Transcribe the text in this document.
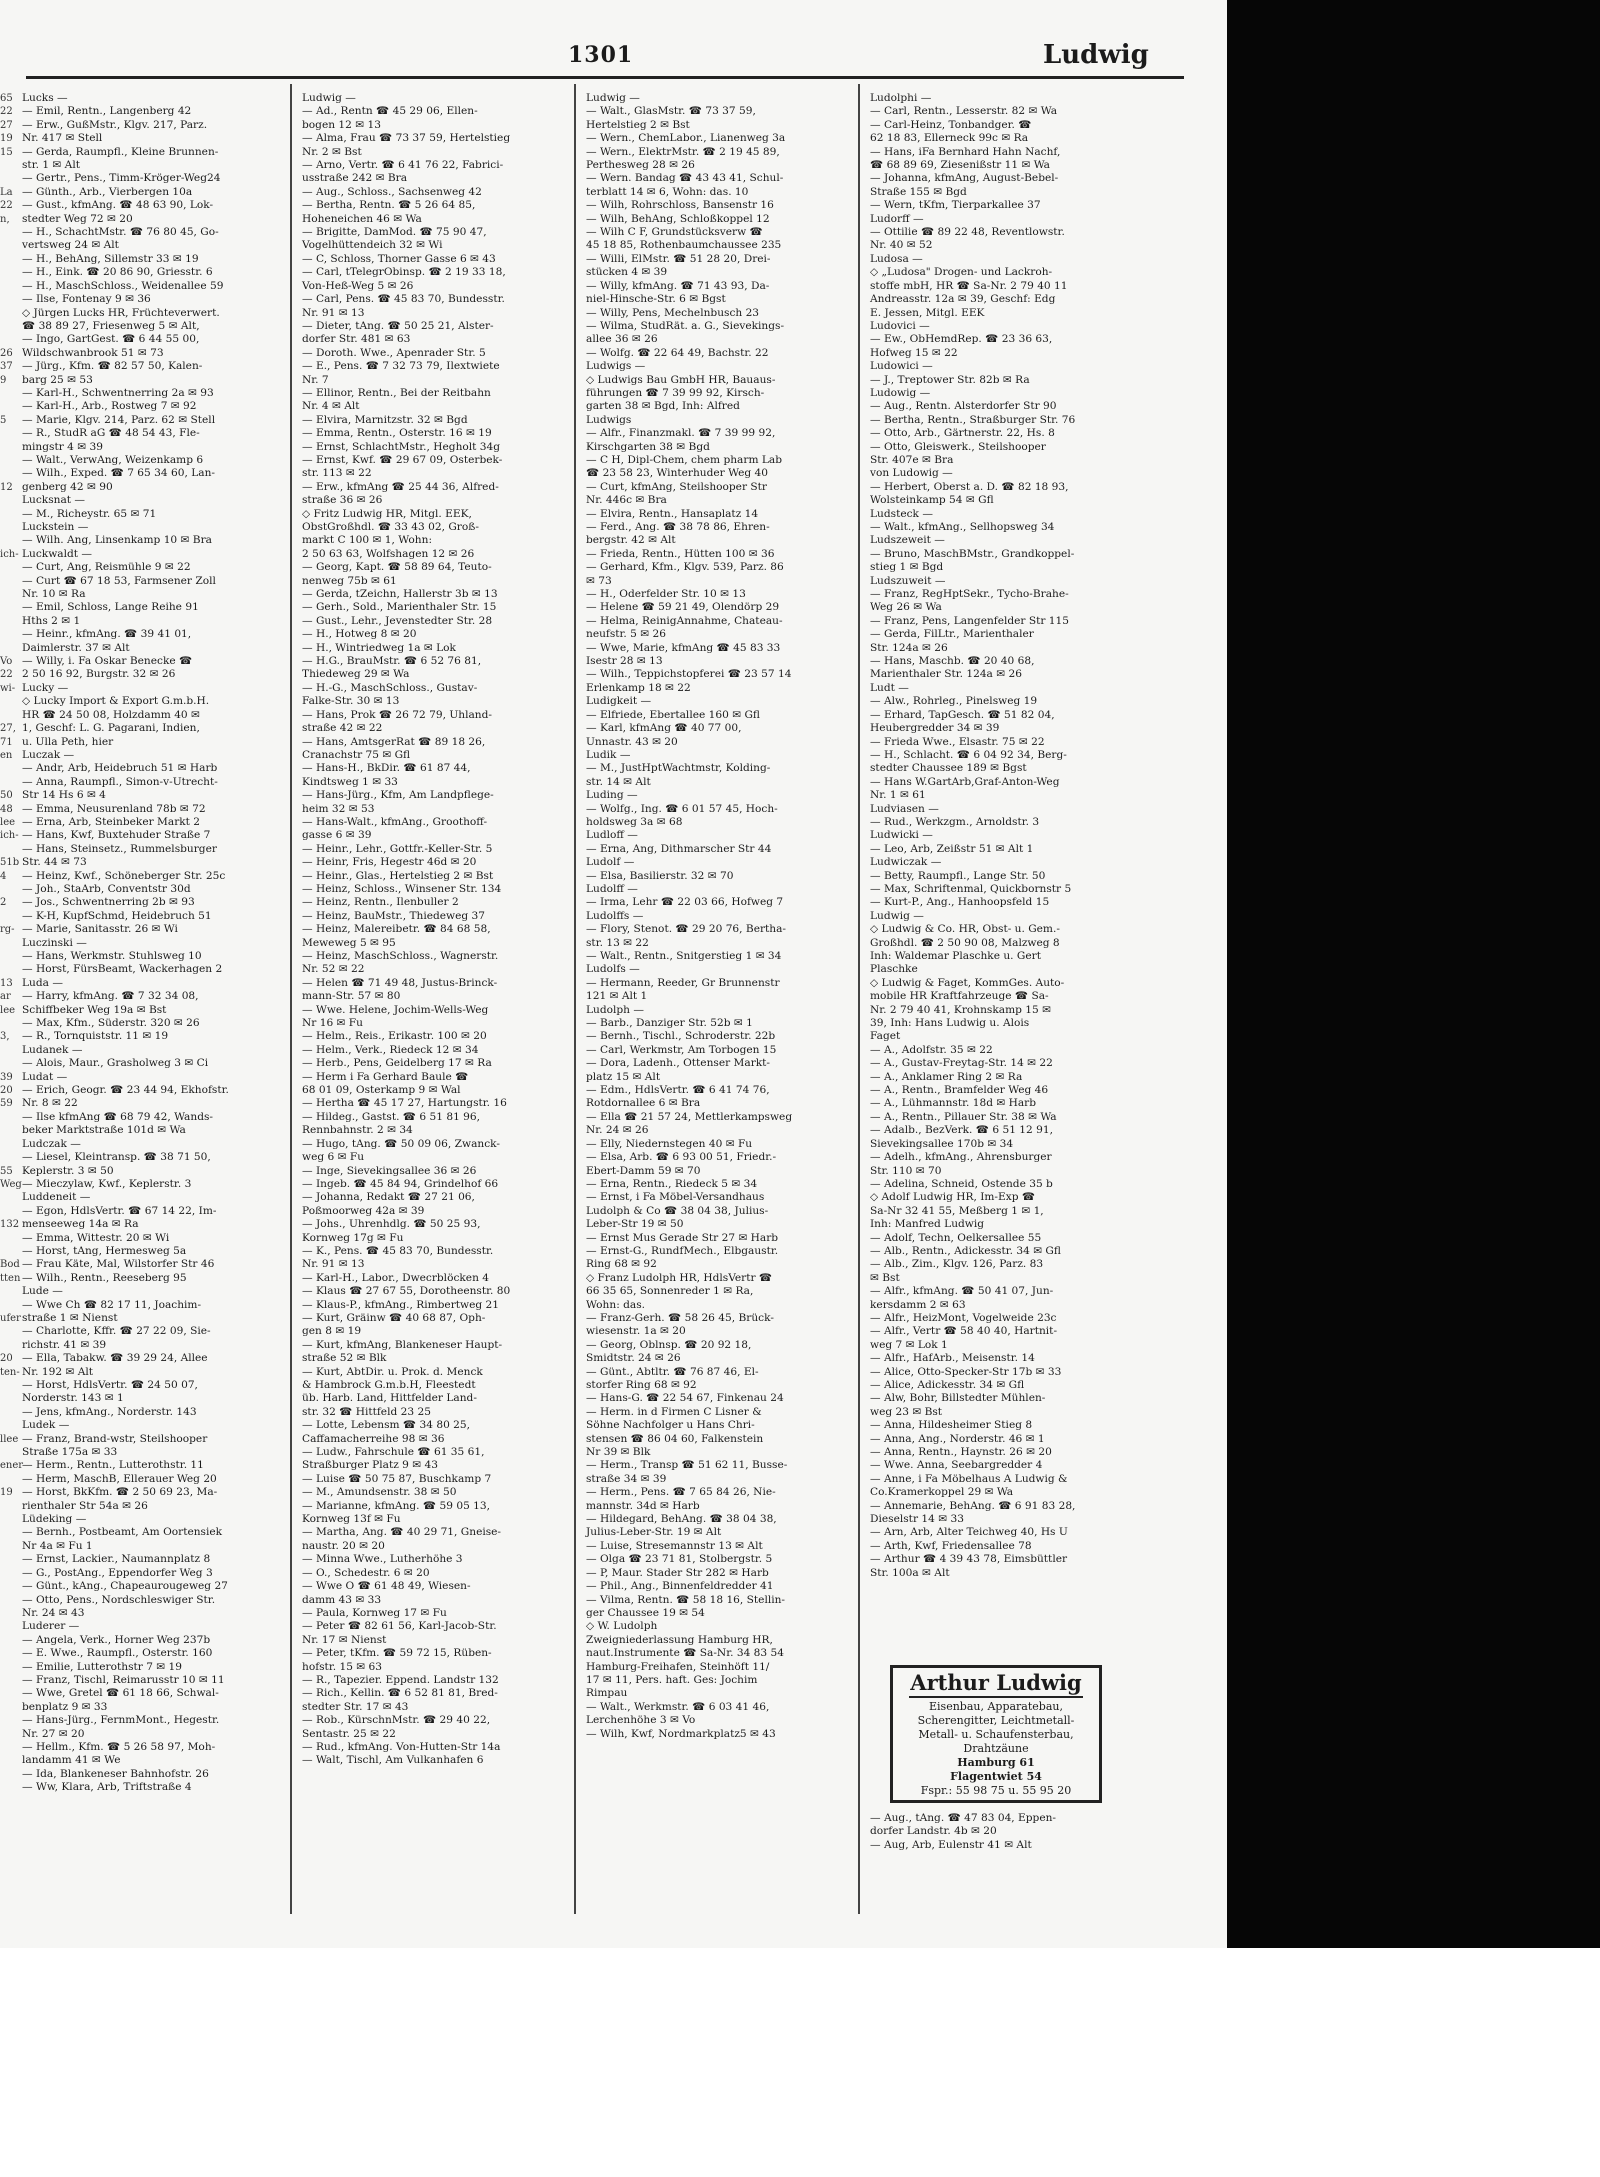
1301	Ludwig
65
22
27
19
15

La
22
n,

26
37
9

5

12

ich-

Vo
22
wi-

27,
71
en

50
48
lee
ich-

51b
4

2

rg-

13
ar
lee

3,

39
20
59

55
Weg

132

Bod
tten

ufer

20
ten-

llee

ener

19
Lucks —
— Emil, Rentn., Langenberg 42
— Erw., GußMstr., Klgv. 217, Parz.
Nr. 417 ✉ Stell
— Gerda, Raumpfl., Kleine Brunnen-
str. 1 ✉ Alt
— Gertr., Pens., Timm-Kröger-Weg24
— Günth., Arb., Vierbergen 10a
— Gust., kfmAng. ☎ 48 63 90, Lok-
stedter Weg 72 ✉ 20
— H., SchachtMstr. ☎ 76 80 45, Go-
vertsweg 24 ✉ Alt
— H., BehAng, Sillemstr 33 ✉ 19
— H., Eink. ☎ 20 86 90, Griesstr. 6
— H., MaschSchloss., Weidenallee 59
— Ilse, Fontenay 9 ✉ 36
◇ Jürgen Lucks HR, Früchteverwert.
☎ 38 89 27, Friesenweg 5 ✉ Alt,
— Ingo, GartGest. ☎ 6 44 55 00,
Wildschwanbrook 51 ✉ 73
— Jürg., Kfm. ☎ 82 57 50, Kalen-
barg 25 ✉ 53
— Karl-H., Schwentnerring 2a ✉ 93
— Karl-H., Arb., Rostweg 7 ✉ 92
— Marie, Klgv. 214, Parz. 62 ✉ Stell
— R., StudR aG ☎ 48 54 43, Fle-
mingstr 4 ✉ 39
— Walt., VerwAng, Weizenkamp 6
— Wilh., Exped. ☎ 7 65 34 60, Lan-
genberg 42 ✉ 90
Lucksnat —
— M., Richeystr. 65 ✉ 71
Luckstein —
— Wilh. Ang, Linsenkamp 10 ✉ Bra
Luckwaldt —
— Curt, Ang, Reismühle 9 ✉ 22
— Curt ☎ 67 18 53, Farmsener Zoll
Nr. 10 ✉ Ra
— Emil, Schloss, Lange Reihe 91
Hths 2 ✉ 1
— Heinr., kfmAng. ☎ 39 41 01,
Daimlerstr. 37 ✉ Alt
— Willy, i. Fa Oskar Benecke ☎
2 50 16 92, Burgstr. 32 ✉ 26
Lucky —
◇ Lucky Import & Export G.m.b.H.
HR ☎ 24 50 08, Holzdamm 40 ✉
1, Geschf: L. G. Pagarani, Indien,
u. Ulla Peth, hier
Luczak —
— Andr, Arb, Heidebruch 51 ✉ Harb
— Anna, Raumpfl., Simon-v-Utrecht-
Str 14 Hs 6 ✉ 4
— Emma, Neusurenland 78b ✉ 72
— Erna, Arb, Steinbeker Markt 2
— Hans, Kwf, Buxtehuder Straße 7
— Hans, Steinsetz., Rummelsburger
Str. 44 ✉ 73
— Heinz, Kwf., Schöneberger Str. 25c
— Joh., StaArb, Conventstr 30d
— Jos., Schwentnerring 2b ✉ 93
— K-H, KupfSchmd, Heidebruch 51
— Marie, Sanitasstr. 26 ✉ Wi
Luczinski —
— Hans, Werkmstr. Stuhlsweg 10
— Horst, FürsBeamt, Wackerhagen 2
Luda —
— Harry, kfmAng. ☎ 7 32 34 08,
Schiffbeker Weg 19a ✉ Bst
— Max, Kfm., Süderstr. 320 ✉ 26
— R., Tornquiststr. 11 ✉ 19
Ludanek —
— Alois, Maur., Grasholweg 3 ✉ Ci
Ludat —
— Erich, Geogr. ☎ 23 44 94, Ekhofstr.
Nr. 8 ✉ 22
— Ilse kfmAng ☎ 68 79 42, Wands-
beker Marktstraße 101d ✉ Wa
Ludczak —
— Liesel, Kleintransp. ☎ 38 71 50,
Keplerstr. 3 ✉ 50
— Mieczylaw, Kwf., Keplerstr. 3
Luddeneit —
— Egon, HdlsVertr. ☎ 67 14 22, Im-
menseeweg 14a ✉ Ra
— Emma, Wittestr. 20 ✉ Wi
— Horst, tAng, Hermesweg 5a
— Frau Käte, Mal, Wilstorfer Str 46
— Wilh., Rentn., Reeseberg 95
Lude —
— Wwe Ch ☎ 82 17 11, Joachim-
straße 1 ✉ Nienst
— Charlotte, Kffr. ☎ 27 22 09, Sie-
richstr. 41 ✉ 39
— Ella, Tabakw. ☎ 39 29 24, Allee
Nr. 192 ✉ Alt
— Horst, HdlsVertr. ☎ 24 50 07,
Norderstr. 143 ✉ 1
— Jens, kfmAng., Norderstr. 143
Ludek —
— Franz, Brand-wstr, Steilshooper
Straße 175a ✉ 33
— Herm., Rentn., Lutterothstr. 11
— Herm, MaschB, Ellerauer Weg 20
— Horst, BkKfm. ☎ 2 50 69 23, Ma-
rienthaler Str 54a ✉ 26
Lüdeking —
— Bernh., Postbeamt, Am Oortensiek
Nr 4a ✉ Fu 1
— Ernst, Lackier., Naumannplatz 8
— G., PostAng., Eppendorfer Weg 3
— Günt., kAng., Chapeaurougeweg 27
— Otto, Pens., Nordschleswiger Str.
Nr. 24 ✉ 43
Luderer —
— Angela, Verk., Horner Weg 237b
— E. Wwe., Raumpfl., Osterstr. 160
— Emilie, Lutterothstr 7 ✉ 19
— Franz, Tischl, Reimarusstr 10 ✉ 11
— Wwe, Gretel ☎ 61 18 66, Schwal-
benplatz 9 ✉ 33
— Hans-Jürg., FernmMont., Hegestr.
Nr. 27 ✉ 20
— Hellm., Kfm. ☎ 5 26 58 97, Moh-
landamm 41 ✉ We
— Ida, Blankeneser Bahnhofstr. 26
— Ww, Klara, Arb, Triftstraße 4
Ludwig —
— Ad., Rentn ☎ 45 29 06, Ellen-
bogen 12 ✉ 13
— Alma, Frau ☎ 73 37 59, Hertelstieg
Nr. 2 ✉ Bst
— Arno, Vertr. ☎ 6 41 76 22, Fabrici-
usstraße 242 ✉ Bra
— Aug., Schloss., Sachsenweg 42
— Bertha, Rentn. ☎ 5 26 64 85,
Hoheneichen 46 ✉ Wa
— Brigitte, DamMod. ☎ 75 90 47,
Vogelhüttendeich 32 ✉ Wi
— C, Schloss, Thorner Gasse 6 ✉ 43
— Carl, tTelegrObinsp. ☎ 2 19 33 18,
Von-Heß-Weg 5 ✉ 26
— Carl, Pens. ☎ 45 83 70, Bundesstr.
Nr. 91 ✉ 13
— Dieter, tAng. ☎ 50 25 21, Alster-
dorfer Str. 481 ✉ 63
— Doroth. Wwe., Apenrader Str. 5
— E., Pens. ☎ 7 32 73 79, Ilextwiete
Nr. 7
— Ellinor, Rentn., Bei der Reitbahn
Nr. 4 ✉ Alt
— Elvira, Marnitzstr. 32 ✉ Bgd
— Emma, Rentn., Osterstr. 16 ✉ 19
— Ernst, SchlachtMstr., Hegholt 34g
— Ernst, Kwf. ☎ 29 67 09, Osterbek-
str. 113 ✉ 22
— Erw., kfmAng ☎ 25 44 36, Alfred-
straße 36 ✉ 26
◇ Fritz Ludwig HR, Mitgl. EEK,
ObstGroßhdl. ☎ 33 43 02, Groß-
markt C 100 ✉ 1, Wohn:
2 50 63 63, Wolfshagen 12 ✉ 26
— Georg, Kapt. ☎ 58 89 64, Teuto-
nenweg 75b ✉ 61
— Gerda, tZeichn, Hallerstr 3b ✉ 13
— Gerh., Sold., Marienthaler Str. 15
— Gust., Lehr., Jevenstedter Str. 28
— H., Hotweg 8 ✉ 20
— H., Wintriedweg 1a ✉ Lok
— H.G., BrauMstr. ☎ 6 52 76 81,
Thiedeweg 29 ✉ Wa
— H.-G., MaschSchloss., Gustav-
Falke-Str. 30 ✉ 13
— Hans, Prok ☎ 26 72 79, Uhland-
straße 42 ✉ 22
— Hans, AmtsgerRat ☎ 89 18 26,
Cranachstr 75 ✉ Gfl
— Hans-H., BkDir. ☎ 61 87 44,
Kindtsweg 1 ✉ 33
— Hans-Jürg., Kfm, Am Landpflege-
heim 32 ✉ 53
— Hans-Walt., kfmAng., Groothoff-
gasse 6 ✉ 39
— Heinr., Lehr., Gottfr.-Keller-Str. 5
— Heinr, Fris, Hegestr 46d ✉ 20
— Heinr., Glas., Hertelstieg 2 ✉ Bst
— Heinz, Schloss., Winsener Str. 134
— Heinz, Rentn., Ilenbuller 2
— Heinz, BauMstr., Thiedeweg 37
— Heinz, Malereibetr. ☎ 84 68 58,
Meweweg 5 ✉ 95
— Heinz, MaschSchloss., Wagnerstr.
Nr. 52 ✉ 22
— Helen ☎ 71 49 48, Justus-Brinck-
mann-Str. 57 ✉ 80
— Wwe. Helene, Jochim-Wells-Weg
Nr 16 ✉ Fu
— Helm., Reis., Erikastr. 100 ✉ 20
— Helm., Verk., Riedeck 12 ✉ 34
— Herb., Pens, Geidelberg 17 ✉ Ra
— Herm i Fa Gerhard Baule ☎
68 01 09, Osterkamp 9 ✉ Wal
— Hertha ☎ 45 17 27, Hartungstr. 16
— Hildeg., Gastst. ☎ 6 51 81 96,
Rennbahnstr. 2 ✉ 34
— Hugo, tAng. ☎ 50 09 06, Zwanck-
weg 6 ✉ Fu
— Inge, Sievekingsallee 36 ✉ 26
— Ingeb. ☎ 45 84 94, Grindelhof 66
— Johanna, Redakt ☎ 27 21 06,
Poßmoorweg 42a ✉ 39
— Johs., Uhrenhdlg. ☎ 50 25 93,
Kornweg 17g ✉ Fu
— K., Pens. ☎ 45 83 70, Bundesstr.
Nr. 91 ✉ 13
— Karl-H., Labor., Dwecrblöcken 4
— Klaus ☎ 27 67 55, Dorotheenstr. 80
— Klaus-P., kfmAng., Rimbertweg 21
— Kurt, Gräinw ☎ 40 68 87, Oph-
gen 8 ✉ 19
— Kurt, kfmAng, Blankeneser Haupt-
straße 52 ✉ Blk
— Kurt, AbtDir. u. Prok. d. Menck
& Hambrock G.m.b.H, Fleestedt
üb. Harb. Land, Hittfelder Land-
str. 32 ☎ Hittfeld 23 25
— Lotte, Lebensm ☎ 34 80 25,
Caffamacherreihe 98 ✉ 36
— Ludw., Fahrschule ☎ 61 35 61,
Straßburger Platz 9 ✉ 43
— Luise ☎ 50 75 87, Buschkamp 7
— M., Amundsenstr. 38 ✉ 50
— Marianne, kfmAng. ☎ 59 05 13,
Kornweg 13f ✉ Fu
— Martha, Ang. ☎ 40 29 71, Gneise-
naustr. 20 ✉ 20
— Minna Wwe., Lutherhöhe 3
— O., Schedestr. 6 ✉ 20
— Wwe O ☎ 61 48 49, Wiesen-
damm 43 ✉ 33
— Paula, Kornweg 17 ✉ Fu
— Peter ☎ 82 61 56, Karl-Jacob-Str.
Nr. 17 ✉ Nienst
— Peter, tKfm. ☎ 59 72 15, Rüben-
hofstr. 15 ✉ 63
— R., Tapezier. Eppend. Landstr 132
— Rich., Kellin. ☎ 6 52 81 81, Bred-
stedter Str. 17 ✉ 43
— Rob., KürschnMstr. ☎ 29 40 22,
Sentastr. 25 ✉ 22
— Rud., kfmAng. Von-Hutten-Str 14a
— Walt, Tischl, Am Vulkanhafen 6
Ludwig —
— Walt., GlasMstr. ☎ 73 37 59,
Hertelstieg 2 ✉ Bst
— Wern., ChemLabor., Lianenweg 3a
— Wern., ElektrMstr. ☎ 2 19 45 89,
Perthesweg 28 ✉ 26
— Wern. Bandag ☎ 43 43 41, Schul-
terblatt 14 ✉ 6, Wohn: das. 10
— Wilh, Rohrschloss, Bansenstr 16
— Wilh, BehAng, Schloßkoppel 12
— Wilh C F, Grundstücksverw ☎
45 18 85, Rothenbaumchaussee 235
— Willi, ElMstr. ☎ 51 28 20, Drei-
stücken 4 ✉ 39
— Willy, kfmAng. ☎ 71 43 93, Da-
niel-Hinsche-Str. 6 ✉ Bgst
— Willy, Pens, Mechelnbusch 23
— Wilma, StudRät. a. G., Sievekings-
allee 36 ✉ 26
— Wolfg. ☎ 22 64 49, Bachstr. 22
Ludwigs —
◇ Ludwigs Bau GmbH HR, Bauaus-
führungen ☎ 7 39 99 92, Kirsch-
garten 38 ✉ Bgd, Inh: Alfred
Ludwigs
— Alfr., Finanzmakl. ☎ 7 39 99 92,
Kirschgarten 38 ✉ Bgd
— C H, Dipl-Chem, chem pharm Lab
☎ 23 58 23, Winterhuder Weg 40
— Curt, kfmAng, Steilshooper Str
Nr. 446c ✉ Bra
— Elvira, Rentn., Hansaplatz 14
— Ferd., Ang. ☎ 38 78 86, Ehren-
bergstr. 42 ✉ Alt
— Frieda, Rentn., Hütten 100 ✉ 36
— Gerhard, Kfm., Klgv. 539, Parz. 86
✉ 73
— H., Oderfelder Str. 10 ✉ 13
— Helene ☎ 59 21 49, Olendörp 29
— Helma, ReinigAnnahme, Chateau-
neufstr. 5 ✉ 26
— Wwe, Marie, kfmAng ☎ 45 83 33
Isestr 28 ✉ 13
— Wilh., Teppichstopferei ☎ 23 57 14
Erlenkamp 18 ✉ 22
Ludigkeit —
— Elfriede, Ebertallee 160 ✉ Gfl
— Karl, kfmAng ☎ 40 77 00,
Unnastr. 43 ✉ 20
Ludik —
— M., JustHptWachtmstr, Kolding-
str. 14 ✉ Alt
Luding —
— Wolfg., Ing. ☎ 6 01 57 45, Hoch-
holdsweg 3a ✉ 68
Ludloff —
— Erna, Ang, Dithmarscher Str 44
Ludolf —
— Elsa, Basilierstr. 32 ✉ 70
Ludolff —
— Irma, Lehr ☎ 22 03 66, Hofweg 7
Ludolffs —
— Flory, Stenot. ☎ 29 20 76, Bertha-
str. 13 ✉ 22
— Walt., Rentn., Snitgerstieg 1 ✉ 34
Ludolfs —
— Hermann, Reeder, Gr Brunnenstr
121 ✉ Alt 1
Ludolph —
— Barb., Danziger Str. 52b ✉ 1
— Bernh., Tischl., Schroderstr. 22b
— Carl, Werkmstr, Am Torbogen 15
— Dora, Ladenh., Ottenser Markt-
platz 15 ✉ Alt
— Edm., HdlsVertr. ☎ 6 41 74 76,
Rotdornallee 6 ✉ Bra
— Ella ☎ 21 57 24, Mettlerkampsweg
Nr. 24 ✉ 26
— Elly, Niedernstegen 40 ✉ Fu
— Elsa, Arb. ☎ 6 93 00 51, Friedr.-
Ebert-Damm 59 ✉ 70
— Erna, Rentn., Riedeck 5 ✉ 34
— Ernst, i Fa Möbel-Versandhaus
Ludolph & Co ☎ 38 04 38, Julius-
Leber-Str 19 ✉ 50
— Ernst Mus Gerade Str 27 ✉ Harb
— Ernst-G., RundfMech., Elbgaustr.
Ring 68 ✉ 92
◇ Franz Ludolph HR, HdlsVertr ☎
66 35 65, Sonnenreder 1 ✉ Ra,
Wohn: das.
— Franz-Gerh. ☎ 58 26 45, Brück-
wiesenstr. 1a ✉ 20
— Georg, Oblnsp. ☎ 20 92 18,
Smidtstr. 24 ✉ 26
— Günt., Abtltr. ☎ 76 87 46, El-
storfer Ring 68 ✉ 92
— Hans-G. ☎ 22 54 67, Finkenau 24
— Herm. in d Firmen C Lisner &
Söhne Nachfolger u Hans Chri-
stensen ☎ 86 04 60, Falkenstein
Nr 39 ✉ Blk
— Herm., Transp ☎ 51 62 11, Busse-
straße 34 ✉ 39
— Herm., Pens. ☎ 7 65 84 26, Nie-
mannstr. 34d ✉ Harb
— Hildegard, BehAng. ☎ 38 04 38,
Julius-Leber-Str. 19 ✉ Alt
— Luise, Stresemannstr 13 ✉ Alt
— Olga ☎ 23 71 81, Stolbergstr. 5
— P, Maur. Stader Str 282 ✉ Harb
— Phil., Ang., Binnenfeldredder 41
— Vilma, Rentn. ☎ 58 18 16, Stellin-
ger Chaussee 19 ✉ 54
◇ W. Ludolph
Zweigniederlassung Hamburg HR,
naut.Instrumente ☎ Sa-Nr. 34 83 54
Hamburg-Freihafen, Steinhöft 11/
17 ✉ 11, Pers. haft. Ges: Jochim
Rimpau
— Walt., Werkmstr. ☎ 6 03 41 46,
Lerchenhöhe 3 ✉ Vo
— Wilh, Kwf, Nordmarkplatz5 ✉ 43
Ludolphi —
— Carl, Rentn., Lesserstr. 82 ✉ Wa
— Carl-Heinz, Tonbandger. ☎
62 18 83, Ellerneck 99c ✉ Ra
— Hans, iFa Bernhard Hahn Nachf,
☎ 68 89 69, Ziesenißstr 11 ✉ Wa
— Johanna, kfmAng, August-Bebel-
Straße 155 ✉ Bgd
— Wern, tKfm, Tierparkallee 37
Ludorff —
— Ottilie ☎ 89 22 48, Reventlowstr.
Nr. 40 ✉ 52
Ludosa —
◇ „Ludosa" Drogen- und Lackroh-
stoffe mbH, HR ☎ Sa-Nr. 2 79 40 11
Andreasstr. 12a ✉ 39, Geschf: Edg
E. Jessen, Mitgl. EEK
Ludovici —
— Ew., ObHemdRep. ☎ 23 36 63,
Hofweg 15 ✉ 22
Ludowici —
— J., Treptower Str. 82b ✉ Ra
Ludowig —
— Aug., Rentn. Alsterdorfer Str 90
— Bertha, Rentn., Straßburger Str. 76
— Otto, Arb., Gärtnerstr. 22, Hs. 8
— Otto, Gleiswerk., Steilshooper
Str. 407e ✉ Bra
von Ludowig —
— Herbert, Oberst a. D. ☎ 82 18 93,
Wolsteinkamp 54 ✉ Gfl
Ludsteck —
— Walt., kfmAng., Sellhopsweg 34
Ludszeweit —
— Bruno, MaschBMstr., Grandkoppel-
stieg 1 ✉ Bgd
Ludszuweit —
— Franz, RegHptSekr., Tycho-Brahe-
Weg 26 ✉ Wa
— Franz, Pens, Langenfelder Str 115
— Gerda, FilLtr., Marienthaler
Str. 124a ✉ 26
— Hans, Maschb. ☎ 20 40 68,
Marienthaler Str. 124a ✉ 26
Ludt —
— Alw., Rohrleg., Pinelsweg 19
— Erhard, TapGesch. ☎ 51 82 04,
Heubergredder 34 ✉ 39
— Frieda Wwe., Elsastr. 75 ✉ 22
— H., Schlacht. ☎ 6 04 92 34, Berg-
stedter Chaussee 189 ✉ Bgst
— Hans W.GartArb,Graf-Anton-Weg
Nr. 1 ✉ 61
Ludviasen —
— Rud., Werkzgm., Arnoldstr. 3
Ludwicki —
— Leo, Arb, Zeißstr 51 ✉ Alt 1
Ludwiczak —
— Betty, Raumpfl., Lange Str. 50
— Max, Schriftenmal, Quickbornstr 5
— Kurt-P., Ang., Hanhoopsfeld 15
Ludwig —
◇ Ludwig & Co. HR, Obst- u. Gem.-
Großhdl. ☎ 2 50 90 08, Malzweg 8
Inh: Waldemar Plaschke u. Gert
Plaschke
◇ Ludwig & Faget, KommGes. Auto-
mobile HR Kraftfahrzeuge ☎ Sa-
Nr. 2 79 40 41, Krohnskamp 15 ✉
39, Inh: Hans Ludwig u. Alois
Faget
— A., Adolfstr. 35 ✉ 22
— A., Gustav-Freytag-Str. 14 ✉ 22
— A., Anklamer Ring 2 ✉ Ra
— A., Rentn., Bramfelder Weg 46
— A., Lühmannstr. 18d ✉ Harb
— A., Rentn., Pillauer Str. 38 ✉ Wa
— Adalb., BezVerk. ☎ 6 51 12 91,
Sievekingsallee 170b ✉ 34
— Adelh., kfmAng., Ahrensburger
Str. 110 ✉ 70
— Adelina, Schneid, Ostende 35 b
◇ Adolf Ludwig HR, Im-Exp ☎
Sa-Nr 32 41 55, Meßberg 1 ✉ 1,
Inh: Manfred Ludwig
— Adolf, Techn, Oelkersallee 55
— Alb., Rentn., Adickesstr. 34 ✉ Gfl
— Alb., Zim., Klgv. 126, Parz. 83
✉ Bst
— Alfr., kfmAng. ☎ 50 41 07, Jun-
kersdamm 2 ✉ 63
— Alfr., HeizMont, Vogelweide 23c
— Alfr., Vertr ☎ 58 40 40, Hartnit-
weg 7 ✉ Lok 1
— Alfr., HafArb., Meisenstr. 14
— Alice, Otto-Specker-Str 17b ✉ 33
— Alice, Adickesstr. 34 ✉ Gfl
— Alw, Bohr, Billstedter Mühlen-
weg 23 ✉ Bst
— Anna, Hildesheimer Stieg 8
— Anna, Ang., Norderstr. 46 ✉ 1
— Anna, Rentn., Haynstr. 26 ✉ 20
— Wwe. Anna, Seebargredder 4
— Anne, i Fa Möbelhaus A Ludwig &
Co.Kramerkoppel 29 ✉ Wa
— Annemarie, BehAng. ☎ 6 91 83 28,
Dieselstr 14 ✉ 33
— Arn, Arb, Alter Teichweg 40, Hs U
— Arth, Kwf, Friedensallee 78
— Arthur ☎ 4 39 43 78, Eimsbüttler
Str. 100a ✉ Alt
Arthur Ludwig
Eisenbau, Apparatebau,
Scherengitter, Leichtmetall-
Metall- u. Schaufensterbau,
Drahtzäune
Hamburg 61
Flagentwiet 54
Fspr.: 55 98 75 u. 55 95 20
— Aug., tAng. ☎ 47 83 04, Eppen-
dorfer Landstr. 4b ✉ 20
— Aug, Arb, Eulenstr 41 ✉ Alt
